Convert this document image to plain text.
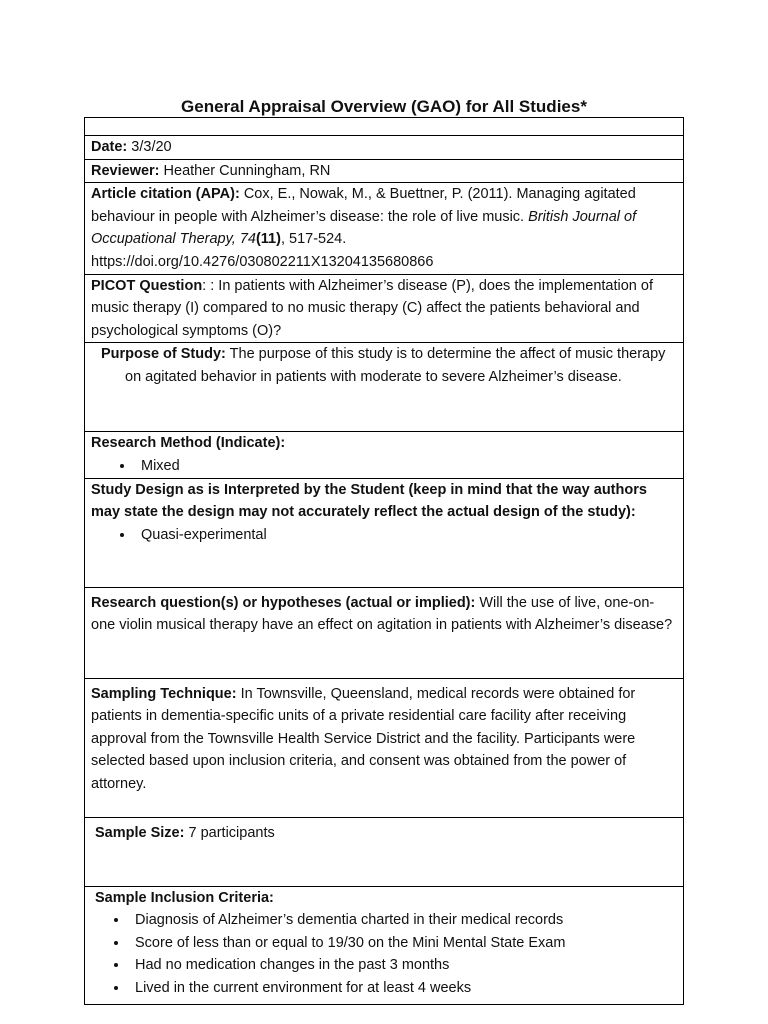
General Appraisal Overview (GAO) for All Studies*

Date: 3/3/20
Reviewer: Heather Cunningham, RN
Article citation (APA): Cox, E., Nowak, M., & Buettner, P. (2011). Managing agitated behaviour in people with Alzheimer’s disease: the role of live music. British Journal of Occupational Therapy, 74(11), 517-524. https://doi.org/10.4276/030802211X13204135680866
PICOT Question: : In patients with Alzheimer’s disease (P), does the implementation of music therapy (I) compared to no music therapy (C) affect the patients behavioral and psychological symptoms (O)?

Purpose of Study: The purpose of this study is to determine the affect of music therapy on agitated behavior in patients with moderate to severe Alzheimer’s disease.

Research Method (Indicate):
• Mixed

Study Design as is Interpreted by the Student (keep in mind that the way authors may state the design may not accurately reflect the actual design of the study):
• Quasi-experimental

Research question(s) or hypotheses (actual or implied): Will the use of live, one-on-one violin musical therapy have an effect on agitation in patients with Alzheimer’s disease?
Sampling Technique: In Townsville, Queensland, medical records were obtained for patients in dementia-specific units of a private residential care facility after receiving approval from the Townsville Health Service District and the facility. Participants were selected based upon inclusion criteria, and consent was obtained from the power of attorney.
Sample Size: 7 participants

Sample Inclusion Criteria:
• Diagnosis of Alzheimer’s dementia charted in their medical records
• Score of less than or equal to 19/30 on the Mini Mental State Exam
• Had no medication changes in the past 3 months
• Lived in the current environment for at least 4 weeks
